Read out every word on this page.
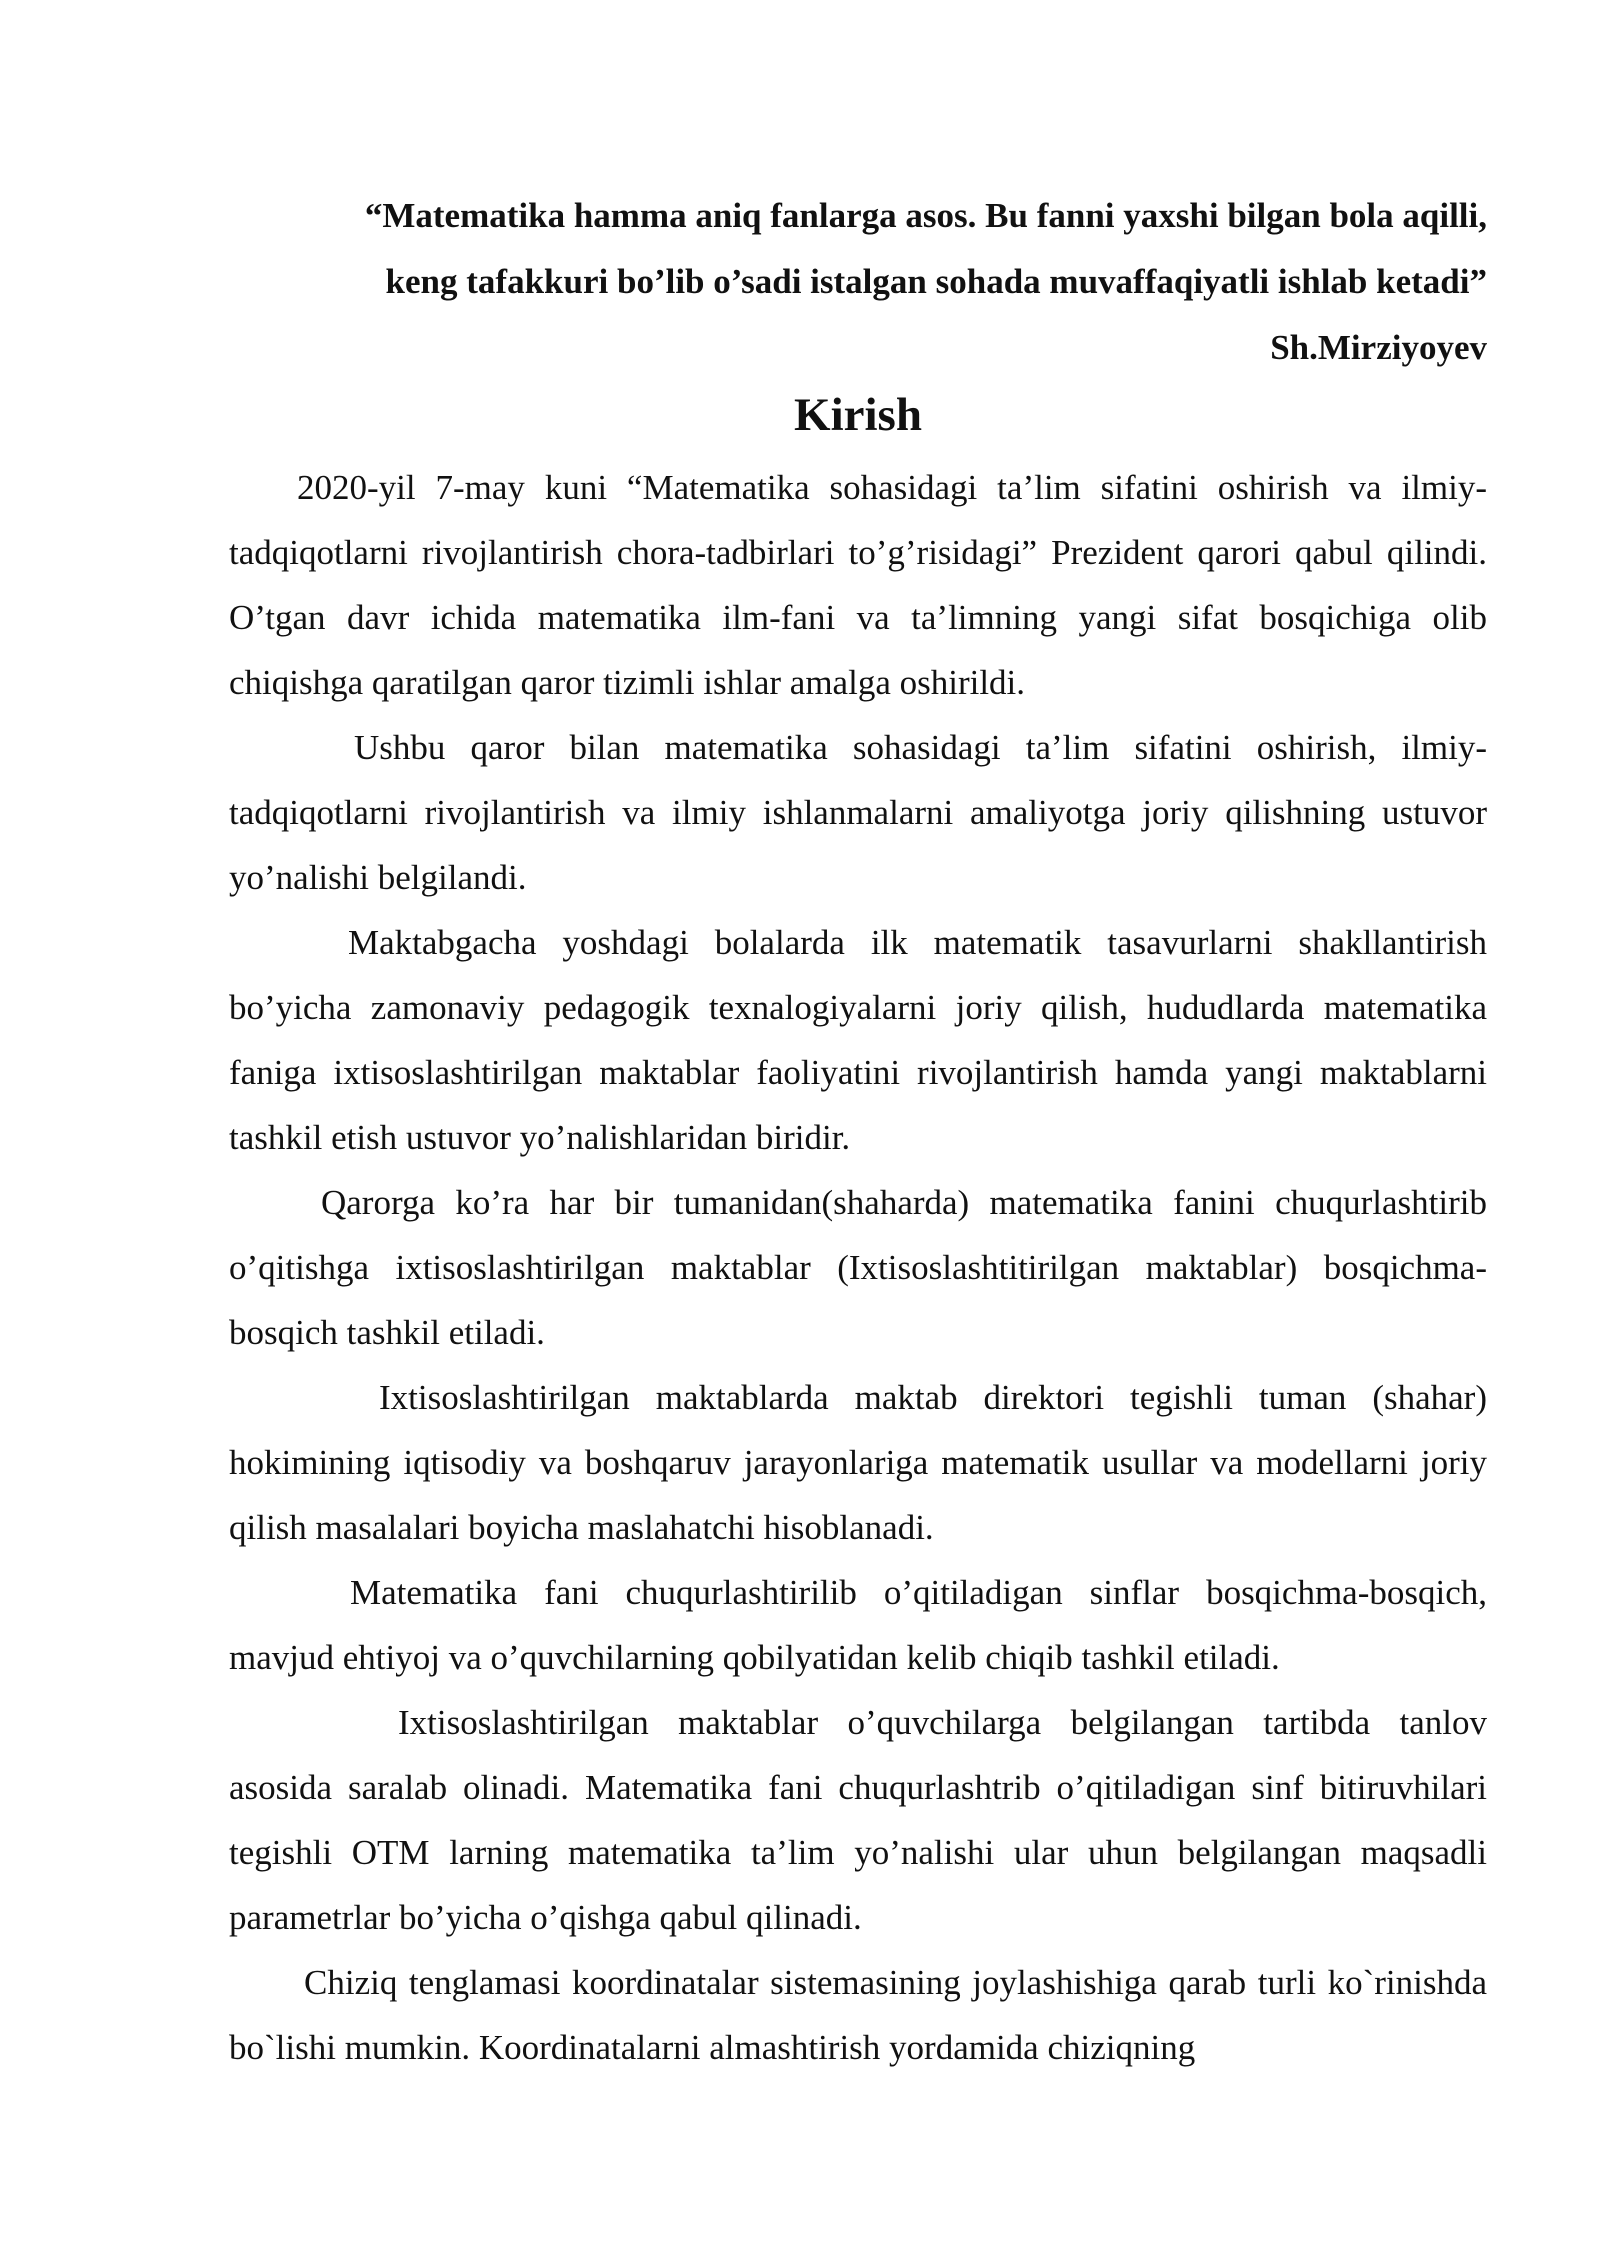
“Matematika hamma aniq fanlarga asos. Bu fanni yaxshi bilgan bola aqilli,
keng tafakkuri bo’lib o’sadi istalgan sohada muvaffaqiyatli ishlab ketadi”
Sh.Mirziyoyev
Kirish

2020-yil 7-may kuni “Matematika sohasidagi ta’lim sifatini oshirish va ilmiy-tadqiqotlarni rivojlantirish chora-tadbirlari to’g’risidagi” Prezident qarori qabul qilindi. O’tgan davr ichida matematika ilm-fani va ta’limning yangi sifat bosqichiga olib chiqishga qaratilgan qaror tizimli ishlar amalga oshirildi.

Ushbu qaror bilan matematika sohasidagi ta’lim sifatini oshirish, ilmiy-tadqiqotlarni rivojlantirish va ilmiy ishlanmalarni amaliyotga joriy qilishning ustuvor yo’nalishi belgilandi.

Maktabgacha yoshdagi bolalarda ilk matematik tasavurlarni shakllantirish bo’yicha zamonaviy pedagogik texnalogiyalarni joriy qilish, hududlarda matematika faniga ixtisoslashtirilgan maktablar faoliyatini rivojlantirish hamda yangi maktablarni tashkil etish ustuvor yo’nalishlaridan biridir.

Qarorga ko’ra har bir tumanidan(shaharda) matematika fanini chuqurlashtirib o’qitishga ixtisoslashtirilgan maktablar (Ixtisoslashtitirilgan maktablar) bosqichma-bosqich tashkil etiladi.

Ixtisoslashtirilgan maktablarda maktab direktori tegishli tuman (shahar) hokimining iqtisodiy va boshqaruv jarayonlariga matematik usullar va modellarni joriy qilish masalalari boyicha maslahatchi hisoblanadi.

Matematika fani chuqurlashtirilib o’qitiladigan sinflar bosqichma-bosqich, mavjud ehtiyoj va o’quvchilarning qobilyatidan kelib chiqib tashkil etiladi.

Ixtisoslashtirilgan maktablar o’quvchilarga belgilangan tartibda tanlov asosida saralab olinadi. Matematika fani chuqurlashtrib o’qitiladigan sinf bitiruvhilari tegishli OTM larning matematika ta’lim yo’nalishi ular uhun belgilangan maqsadli parametrlar bo’yicha o’qishga qabul qilinadi.

Chiziq tenglamasi koordinatalar sistemasining joylashishiga qarab turli ko`rinishda bo`lishi mumkin. Koordinatalarni almashtirish yordamida chiziqning
